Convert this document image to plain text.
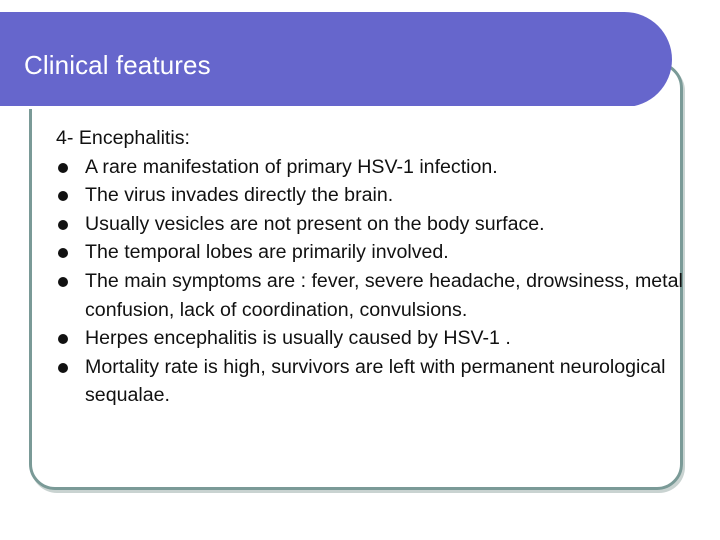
Clinical features

4- Encephalitis:

A rare manifestation of primary HSV-1 infection.
The virus invades directly the brain.
Usually vesicles are not present on the body surface.
The temporal lobes are primarily involved.
The main symptoms are : fever, severe headache, drowsiness, metal confusion, lack of coordination, convulsions.
Herpes encephalitis is usually caused by HSV-1 .
Mortality rate is high, survivors are left with permanent neurological sequalae.
